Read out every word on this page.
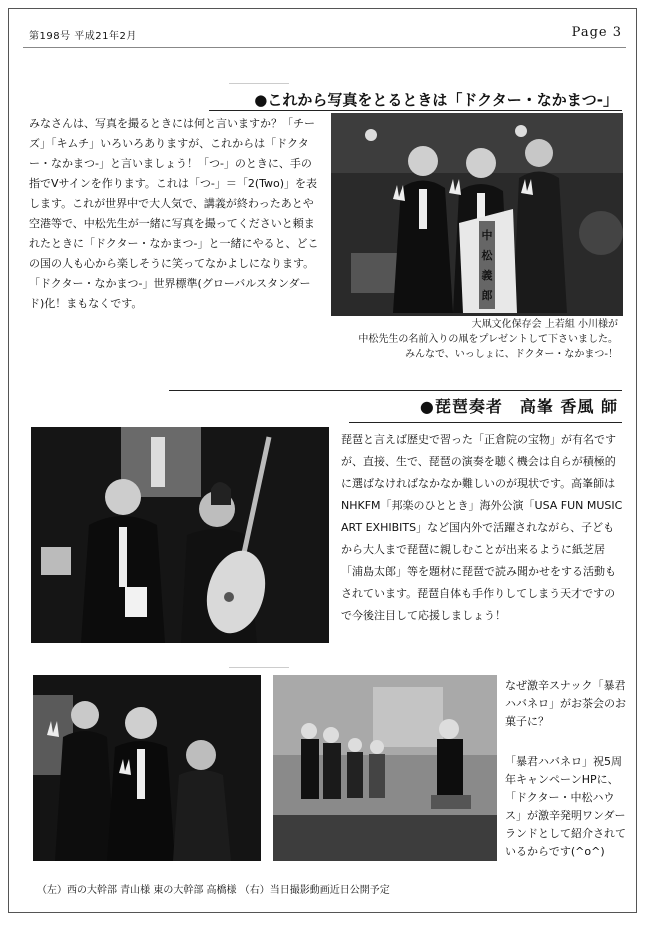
第198号 平成21年2月	Page 3
●これから写真をとるときは「ドクター・なかまつ-」

みなさんは、写真を撮るときには何と言いますか？「チーズ」「キムチ」いろいろありますが、これからは「ドクター・なかまつ-」と言いましょう！「つ-」のときに、手の指でVサインを作ります。これは「つ-」＝「2(Two)」を表します。これが世界中で大人気で、講義が終わったあとや空港等で、中松先生が一緒に写真を撮ってくださいと頼まれたときに「ドクター・なかまつ-」と一緒にやると、どこの国の人も心から楽しそうに笑ってなかよしになります。「ドクター・なかまつ-」世界標準(グローバルスタンダード)化！まもなくです。

中
松
義
郎
大凧文化保存会 上若組 小川様が
中松先生の名前入りの凧をプレゼントして下さいました。
みんなで、いっしょに、ドクター・なかまつ-！
●琵琶奏者　高峯 香風 師

琵琶と言えば歴史で習った「正倉院の宝物」が有名ですが、直接、生で、琵琶の演奏を聴く機会は自らが積極的に選ばなければなかなか難しいのが現状です。高峯師はNHKFM「邦楽のひととき」海外公演「USA FUN MUSIC ART EXHIBITS」など国内外で活躍されながら、子どもから大人まで琵琶に親しむことが出来るように紙芝居「浦島太郎」等を題材に琵琶で読み聞かせをする活動もされています。琵琶自体も手作りしてしまう天才ですので今後注目して応援しましょう！

なぜ激辛スナック「暴君ハバネロ」がお茶会のお菓子に？

「暴君ハバネロ」祝5周年キャンペーンHPに、「ドクター・中松ハウス」が激辛発明ワンダーランドとして紹介されているからです(^o^)

（左）西の大幹部 青山様 東の大幹部 高橋様 （右）当日撮影動画近日公開予定
